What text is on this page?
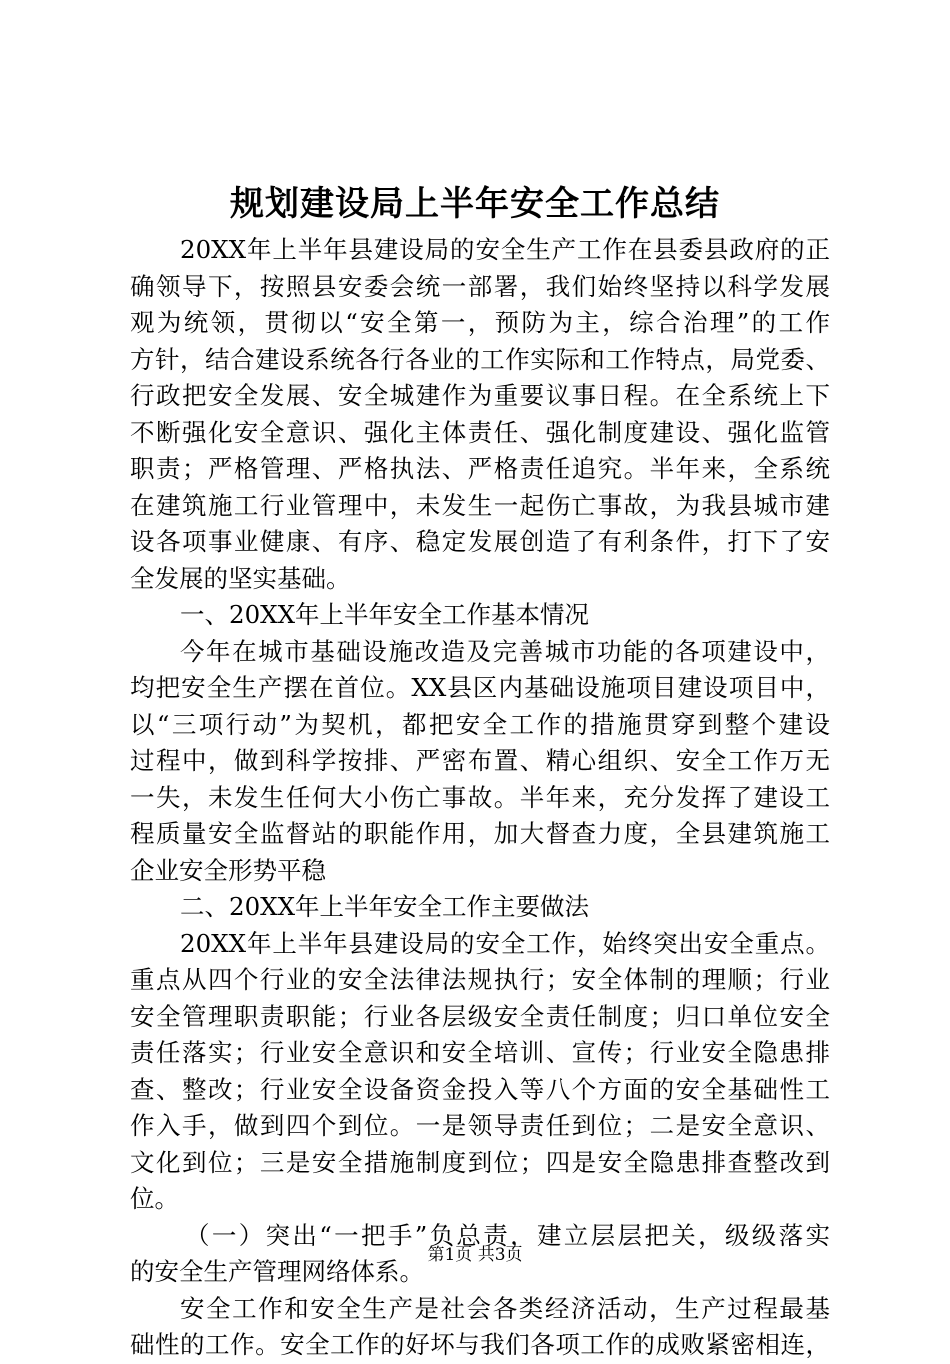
规划建设局上半年安全工作总结
20XX年上半年县建设局的安全生产工作在县委县政府的正
确领导下，按照县安委会统一部署，我们始终坚持以科学发展
观为统领，贯彻以“安全第一，预防为主，综合治理”的工作
方针，结合建设系统各行各业的工作实际和工作特点，局党委、
行政把安全发展、安全城建作为重要议事日程。在全系统上下
不断强化安全意识、强化主体责任、强化制度建设、强化监管
职责；严格管理、严格执法、严格责任追究。半年来，全系统
在建筑施工行业管理中，未发生一起伤亡事故，为我县城市建
设各项事业健康、有序、稳定发展创造了有利条件，打下了安
全发展的坚实基础。
一、20XX年上半年安全工作基本情况
今年在城市基础设施改造及完善城市功能的各项建设中，
均把安全生产摆在首位。XX县区内基础设施项目建设项目中，
以“三项行动”为契机，都把安全工作的措施贯穿到整个建设
过程中，做到科学按排、严密布置、精心组织、安全工作万无
一失，未发生任何大小伤亡事故。半年来，充分发挥了建设工
程质量安全监督站的职能作用，加大督查力度，全县建筑施工
企业安全形势平稳
二、20XX年上半年安全工作主要做法
20XX年上半年县建设局的安全工作，始终突出安全重点。
重点从四个行业的安全法律法规执行；安全体制的理顺；行业
安全管理职责职能；行业各层级安全责任制度；归口单位安全
责任落实；行业安全意识和安全培训、宣传；行业安全隐患排
查、整改；行业安全设备资金投入等八个方面的安全基础性工
作入手，做到四个到位。一是领导责任到位；二是安全意识、
文化到位；三是安全措施制度到位；四是安全隐患排查整改到
位。
（一）突出“一把手”负总责，建立层层把关，级级落实
的安全生产管理网络体系。
安全工作和安全生产是社会各类经济活动，生产过程最基
础性的工作。安全工作的好坏与我们各项工作的成败紧密相连，
第1页 共3页
